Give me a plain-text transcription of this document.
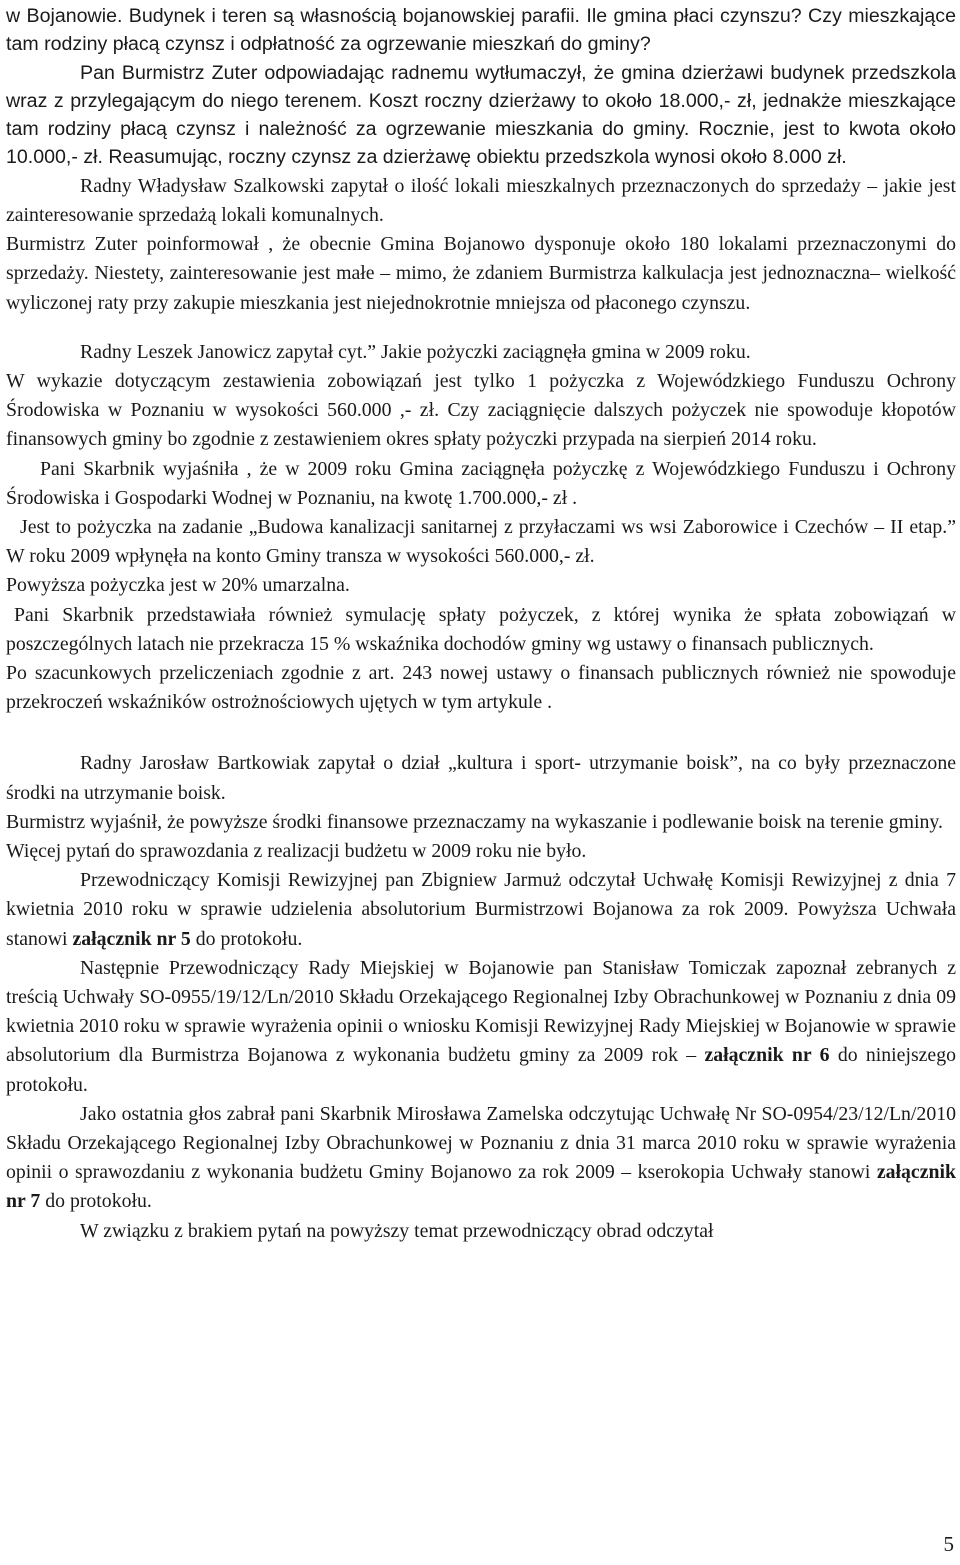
w Bojanowie. Budynek i teren są własnością bojanowskiej parafii. Ile gmina płaci czynszu? Czy mieszkające tam rodziny płacą czynsz i odpłatność za ogrzewanie mieszkań do gminy?

Pan Burmistrz Zuter odpowiadając radnemu wytłumaczył, że gmina dzierżawi budynek przedszkola wraz z przylegającym do niego terenem. Koszt roczny dzierżawy to około 18.000,- zł, jednakże mieszkające tam rodziny płacą czynsz i należność za ogrzewanie mieszkania do gminy. Rocznie, jest to kwota około 10.000,- zł. Reasumując, roczny czynsz za dzierżawę obiektu przedszkola wynosi około 8.000 zł.

Radny Władysław Szalkowski zapytał o ilość lokali mieszkalnych przeznaczonych do sprzedaży – jakie jest zainteresowanie sprzedażą lokali komunalnych.

Burmistrz Zuter poinformował , że obecnie Gmina Bojanowo dysponuje około 180 lokalami przeznaczonymi do sprzedaży. Niestety, zainteresowanie jest małe – mimo, że zdaniem Burmistrza kalkulacja jest jednoznaczna– wielkość wyliczonej raty przy zakupie mieszkania jest niejednokrotnie mniejsza od płaconego czynszu.

Radny Leszek Janowicz zapytał cyt.” Jakie pożyczki zaciągnęła gmina w 2009 roku.

W wykazie dotyczącym zestawienia zobowiązań jest tylko 1 pożyczka z Wojewódzkiego Funduszu Ochrony Środowiska w Poznaniu w wysokości 560.000 ,- zł. Czy zaciągnięcie dalszych pożyczek nie spowoduje kłopotów finansowych gminy bo zgodnie z zestawieniem okres spłaty pożyczki przypada na sierpień 2014 roku.

Pani Skarbnik wyjaśniła , że w 2009 roku Gmina zaciągnęła pożyczkę z Wojewódzkiego Funduszu i Ochrony Środowiska i Gospodarki Wodnej w Poznaniu, na kwotę 1.700.000,- zł .

Jest to pożyczka na zadanie „Budowa kanalizacji sanitarnej z przyłaczami ws wsi Zaborowice i Czechów – II etap.” W roku 2009 wpłynęła na konto Gminy transza w wysokości 560.000,- zł.

Powyższa pożyczka jest w 20% umarzalna.

Pani Skarbnik przedstawiała również symulację spłaty pożyczek, z której wynika że spłata zobowiązań w poszczególnych latach nie przekracza 15 % wskaźnika dochodów gminy wg ustawy o finansach publicznych.

Po szacunkowych przeliczeniach zgodnie z art. 243 nowej ustawy o finansach publicznych również nie spowoduje przekroczeń wskaźników ostrożnościowych ujętych w tym artykule .

Radny Jarosław Bartkowiak zapytał o dział „kultura i sport- utrzymanie boisk”, na co były przeznaczone środki na utrzymanie boisk.

Burmistrz wyjaśnił, że powyższe środki finansowe przeznaczamy na wykaszanie i podlewanie boisk na terenie gminy.

Więcej pytań do sprawozdania z realizacji budżetu w 2009 roku nie było.

Przewodniczący Komisji Rewizyjnej pan Zbigniew Jarmuż odczytał Uchwałę Komisji Rewizyjnej z dnia 7 kwietnia 2010 roku w sprawie udzielenia absolutorium Burmistrzowi Bojanowa za rok 2009. Powyższa Uchwała stanowi załącznik nr 5 do protokołu.

Następnie Przewodniczący Rady Miejskiej w Bojanowie pan Stanisław Tomiczak zapoznał zebranych z treścią Uchwały SO-0955/19/12/Ln/2010 Składu Orzekającego Regionalnej Izby Obrachunkowej w Poznaniu z dnia 09 kwietnia 2010 roku w sprawie wyrażenia opinii o wniosku Komisji Rewizyjnej Rady Miejskiej w Bojanowie w sprawie absolutorium dla Burmistrza Bojanowa z wykonania budżetu gminy za 2009 rok – załącznik nr 6 do niniejszego protokołu.

Jako ostatnia głos zabrał pani Skarbnik Mirosława Zamelska odczytując Uchwałę Nr SO-0954/23/12/Ln/2010 Składu Orzekającego Regionalnej Izby Obrachunkowej w Poznaniu z dnia 31 marca 2010 roku w sprawie wyrażenia opinii o sprawozdaniu z wykonania budżetu Gminy Bojanowo za rok 2009 – kserokopia Uchwały stanowi załącznik nr 7 do protokołu.

W związku z brakiem pytań na powyższy temat przewodniczący obrad odczytał

5
